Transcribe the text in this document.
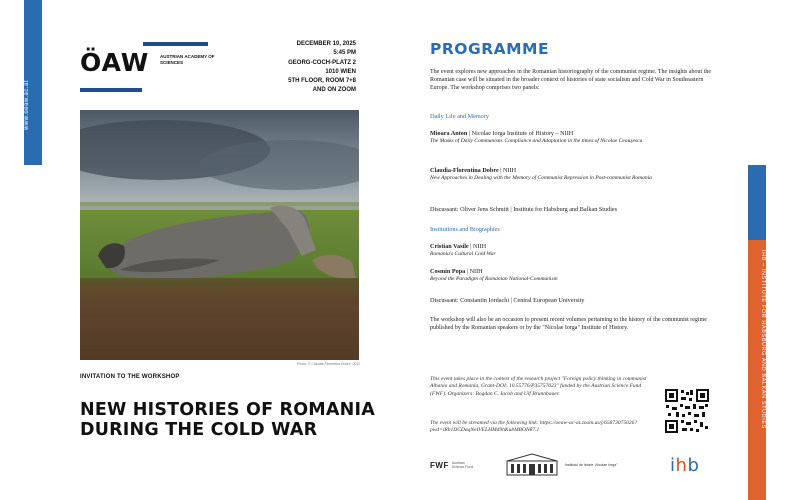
www.oeaw.ac.at
ÖAW AUSTRIAN ACADEMY OF SCIENCES
DECEMBER 10, 2025
5:45 PM
GEORG-COCH-PLATZ 2
1010 WIEN
5TH FLOOR, ROOM 7+8
AND ON ZOOM
Photo: © Claudia-Florentina Dobre, 2011
INVITATION TO THE WORKSHOP
NEW HISTORIES OF ROMANIA
DURING THE COLD WAR
PROGRAMME
The event explores new approaches in the Romanian historiography of the communist regime. The insights about the Romanian case will be situated in the broader context of histories of state socialism and Cold War in Southeastern Europe. The workshop comprises two panels:
Daily Life and Memory
Mioara Anton | Nicolae Iorga Institute of History – NIIH
The Masks of Daily Communism. Compliance and Adaptation in the times of Nicolae Ceaușescu
Claudia-Florentina Dobre | NIIH
New Approaches in Dealing with the Memory of Communist Repression in Post-communist Romania
Discussant: Oliver Jens Schmitt | Institute for Habsburg and Balkan Studies
Institutions and Biographies
Cristian Vasile | NIIH
Romania's Cultural Cold War
Cosmin Popa | NIIH
Beyond the Paradigm of Romanian National-Communism
Discussant: Constantin Iordachi | Central European University
The workshop will also be an occasion to present recent volumes pertaining to the history of the communist regime published by the Romanian speakers or by the "Nicolae Iorga" Institute of History.
This event takes place in the context of the research project "Foreign policy thinking in communist Albania and Romania, Grant-DOI: 10.55776/P35757023" funded by the Austrian Science Fund (FWF). Organizers: Bogdan C. Iacob and Ulf Brunnbauer.
The event will be streamed via the following link: https://oeaw-ac-at.zoom.us/j/65873075026?pwd=iRb1DCDaqNeIVELHMd9hKubMBON87.1
FWF Austrian Science Fund	Institutul de Istorie „Nicolae Iorga"	i h b
IHB – INSTITUTE FOR HABSBURG AND BALKAN STUDIES
